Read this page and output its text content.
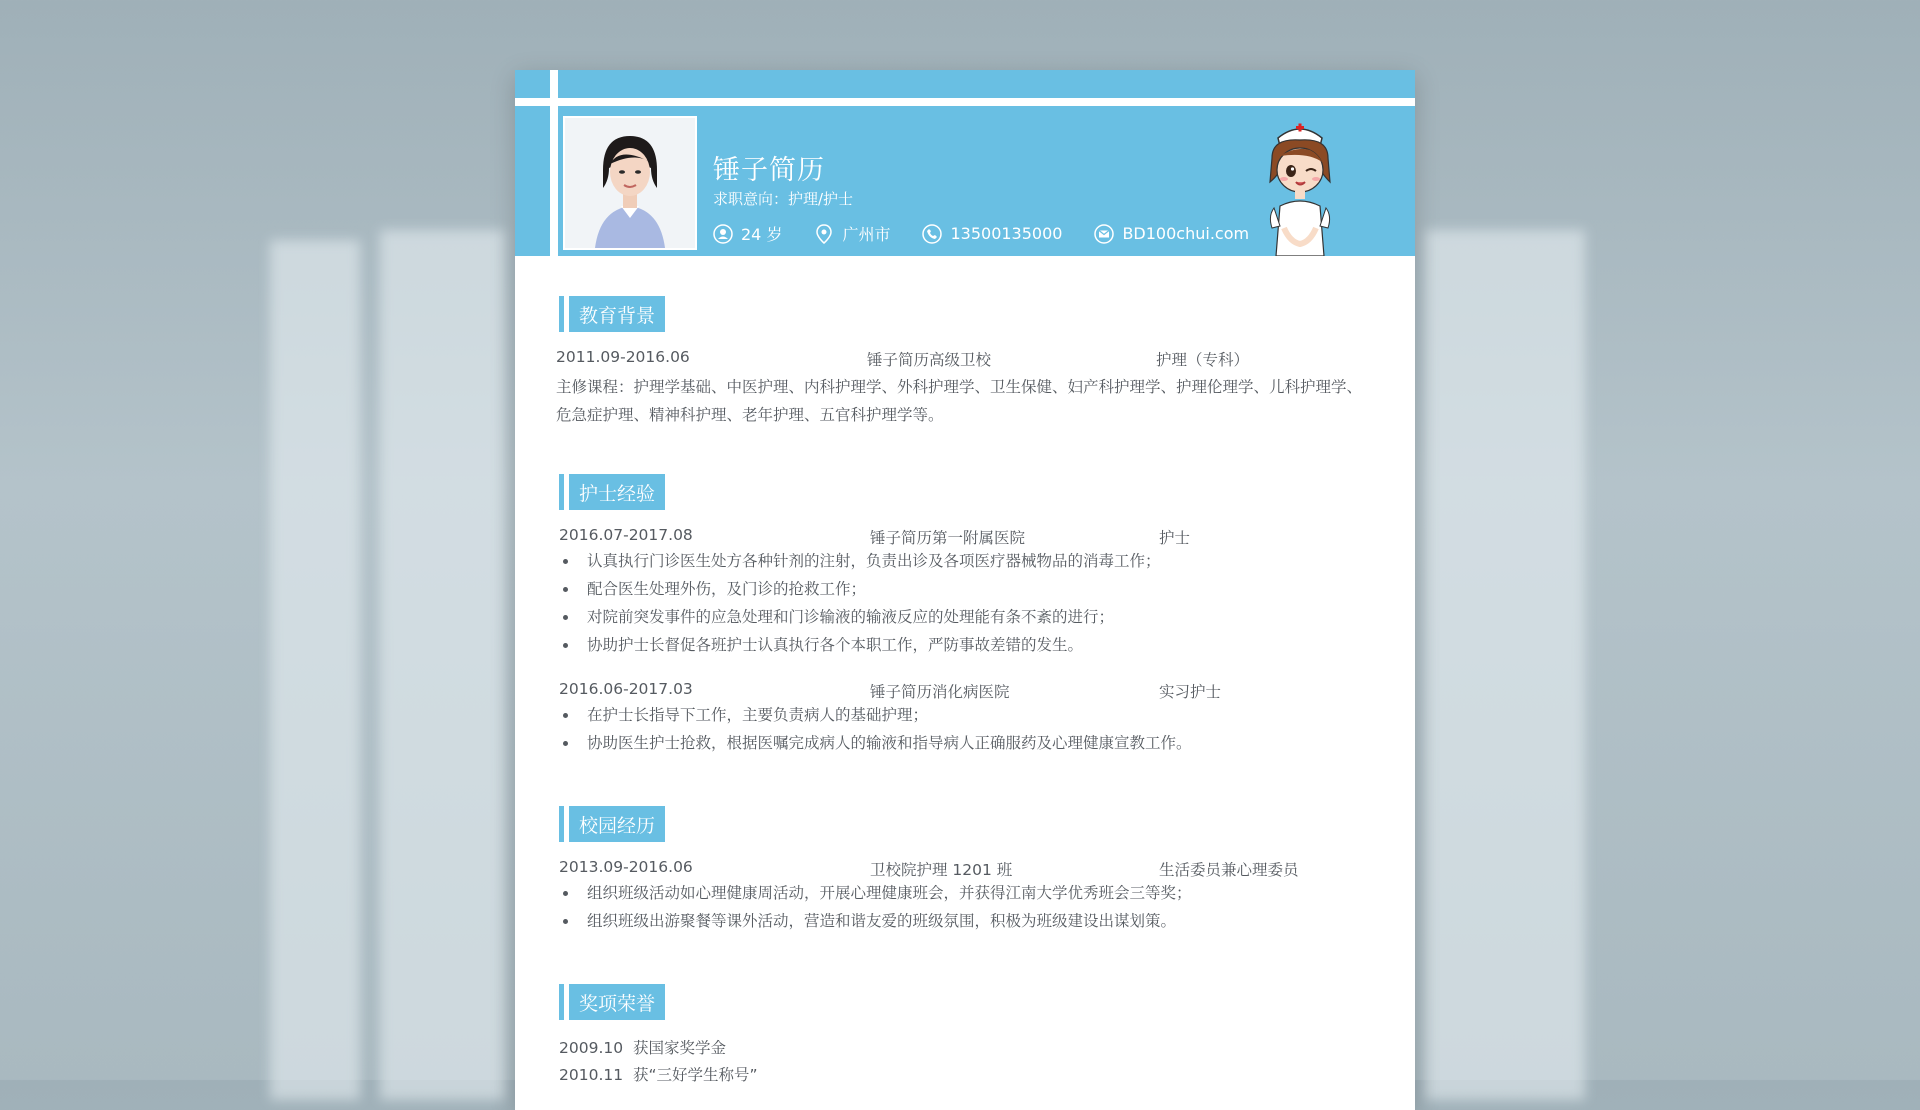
锤子简历
求职意向：护理/护士
24 岁	广州市	13500135000	BD100chui.com
教育背景
2011.09-2016.06	锤子简历高级卫校	护理（专科）
主修课程：护理学基础、中医护理、内科护理学、外科护理学、卫生保健、妇产科护理学、护理伦理学、儿科护理学、
危急症护理、精神科护理、老年护理、五官科护理学等。
护士经验
2016.07-2017.08	锤子简历第一附属医院	护士
认真执行门诊医生处方各种针剂的注射，负责出诊及各项医疗器械物品的消毒工作；
配合医生处理外伤，及门诊的抢救工作；
对院前突发事件的应急处理和门诊输液的输液反应的处理能有条不紊的进行；
协助护士长督促各班护士认真执行各个本职工作，严防事故差错的发生。
2016.06-2017.03	锤子简历消化病医院	实习护士
在护士长指导下工作，主要负责病人的基础护理；
协助医生护士抢救，根据医嘱完成病人的输液和指导病人正确服药及心理健康宣教工作。
校园经历
2013.09-2016.06	卫校院护理 1201 班	生活委员兼心理委员
组织班级活动如心理健康周活动，开展心理健康班会，并获得江南大学优秀班会三等奖；
组织班级出游聚餐等课外活动，营造和谐友爱的班级氛围，积极为班级建设出谋划策。
奖项荣誉
2009.10  获国家奖学金
2010.11  获“三好学生称号”
